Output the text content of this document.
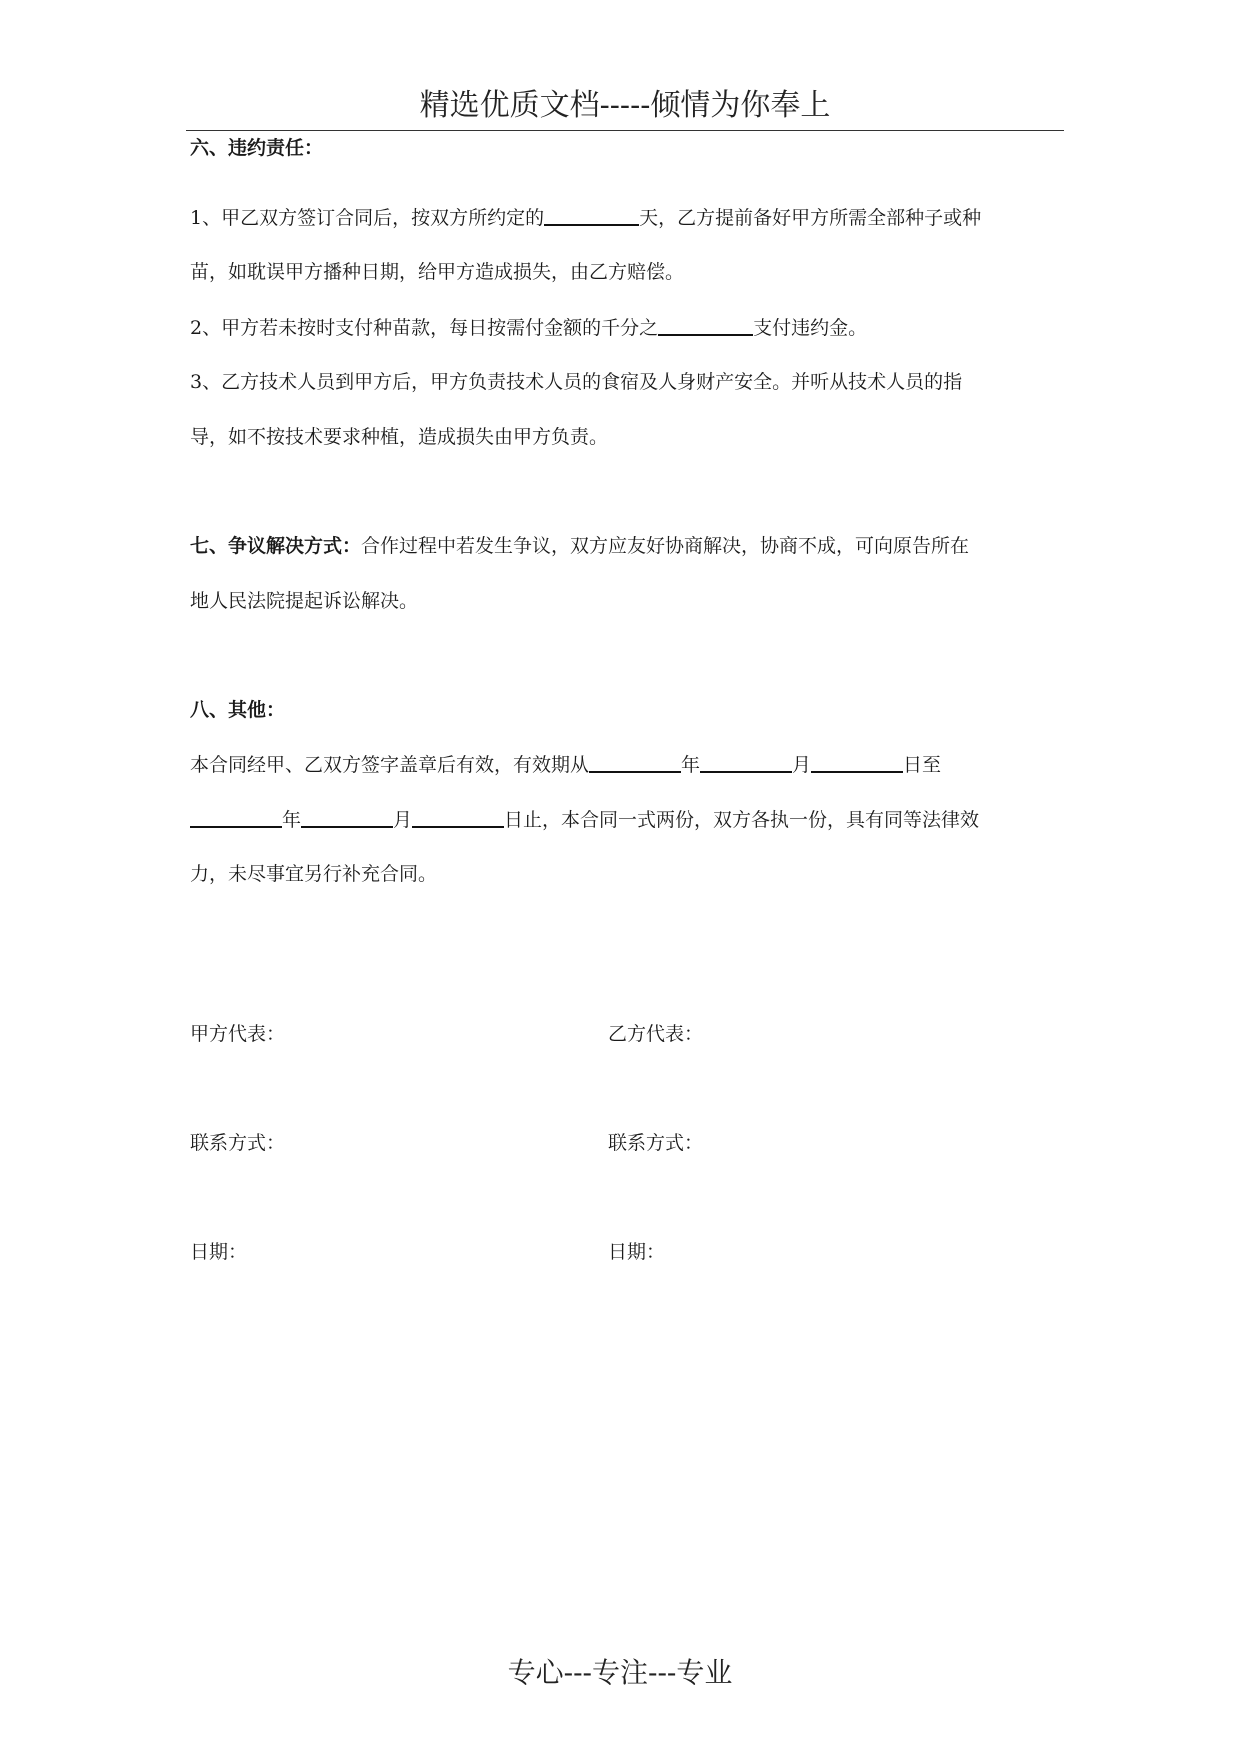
精选优质文档-----倾情为你奉上
六、违约责任：
1、甲乙双方签订合同后，按双方所约定的	天，乙方提前备好甲方所需全部种子或种
苗，如耽误甲方播种日期，给甲方造成损失，由乙方赔偿。
2、甲方若未按时支付种苗款，每日按需付金额的千分之	支付违约金。
3、乙方技术人员到甲方后，甲方负责技术人员的食宿及人身财产安全。并听从技术人员的指
导，如不按技术要求种植，造成损失由甲方负责。
七、争议解决方式：合作过程中若发生争议，双方应友好协商解决，协商不成，可向原告所在
地人民法院提起诉讼解决。
八、其他：
本合同经甲、乙双方签字盖章后有效，有效期从	年	月	日至
年	月	日止，本合同一式两份，双方各执一份，具有同等法律效
力，未尽事宜另行补充合同。
甲方代表：	乙方代表：
联系方式：	联系方式：
日期：	日期：
专心---专注---专业
